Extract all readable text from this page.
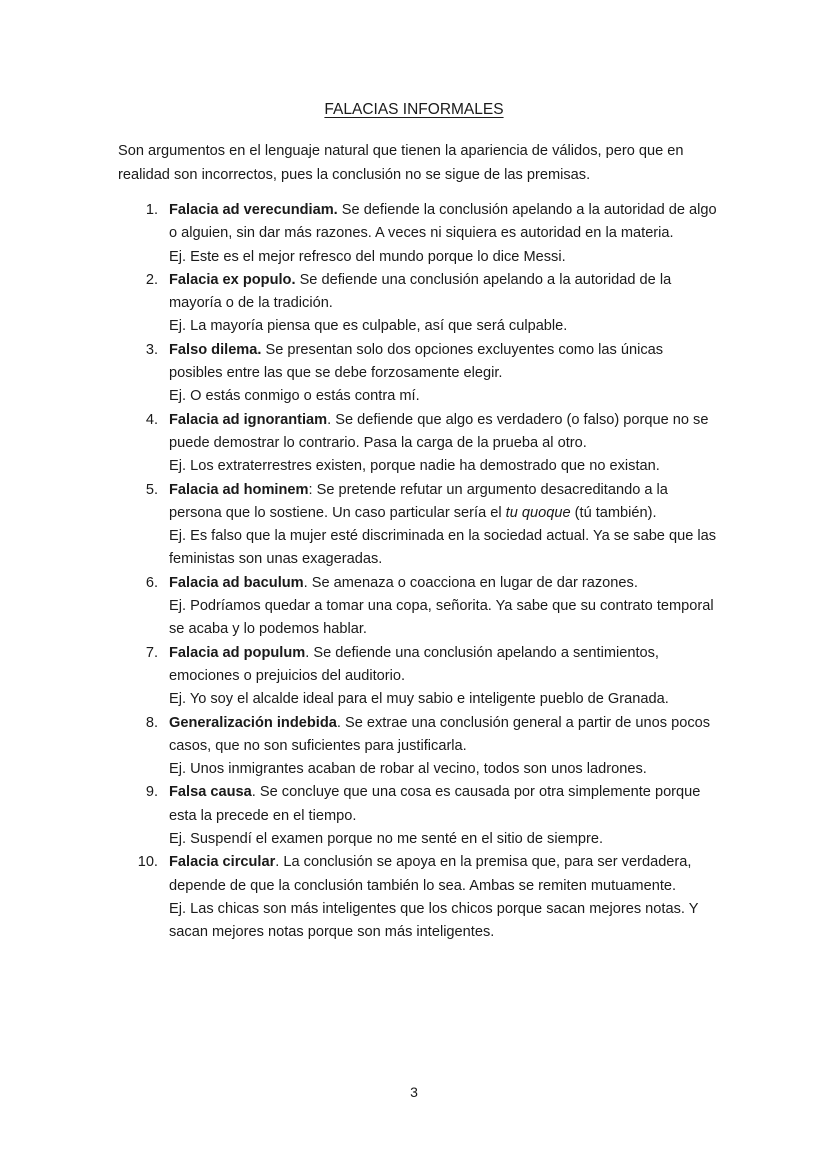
FALACIAS INFORMALES

Son argumentos en el lenguaje natural que tienen la apariencia de válidos, pero que en realidad son incorrectos, pues la conclusión no se sigue de las premisas.

1. Falacia ad verecundiam. Se defiende la conclusión apelando a la autoridad de algo o alguien, sin dar más razones. A veces ni siquiera es autoridad en la materia.
Ej. Este es el mejor refresco del mundo porque lo dice Messi.
2. Falacia ex populo. Se defiende una conclusión apelando a la autoridad de la mayoría o de la tradición.
Ej. La mayoría piensa que es culpable, así que será culpable.
3. Falso dilema. Se presentan solo dos opciones excluyentes como las únicas posibles entre las que se debe forzosamente elegir.
Ej. O estás conmigo o estás contra mí.
4. Falacia ad ignorantiam. Se defiende que algo es verdadero (o falso) porque no se puede demostrar lo contrario. Pasa la carga de la prueba al otro.
Ej. Los extraterrestres existen, porque nadie ha demostrado que no existan.
5. Falacia ad hominem: Se pretende refutar un argumento desacreditando a la persona que lo sostiene. Un caso particular sería el tu quoque (tú también).
Ej. Es falso que la mujer esté discriminada en la sociedad actual. Ya se sabe que las feministas son unas exageradas.
6. Falacia ad baculum. Se amenaza o coacciona en lugar de dar razones.
Ej. Podríamos quedar a tomar una copa, señorita. Ya sabe que su contrato temporal se acaba y lo podemos hablar.
7. Falacia ad populum. Se defiende una conclusión apelando a sentimientos, emociones o prejuicios del auditorio.
Ej. Yo soy el alcalde ideal para el muy sabio e inteligente pueblo de Granada.
8. Generalización indebida. Se extrae una conclusión general a partir de unos pocos casos, que no son suficientes para justificarla.
Ej. Unos inmigrantes acaban de robar al vecino, todos son unos ladrones.
9. Falsa causa. Se concluye que una cosa es causada por otra simplemente porque esta la precede en el tiempo.
Ej. Suspendí el examen porque no me senté en el sitio de siempre.
10. Falacia circular. La conclusión se apoya en la premisa que, para ser verdadera, depende de que la conclusión también lo sea. Ambas se remiten mutuamente.
Ej. Las chicas son más inteligentes que los chicos porque sacan mejores notas. Y sacan mejores notas porque son más inteligentes.

3
